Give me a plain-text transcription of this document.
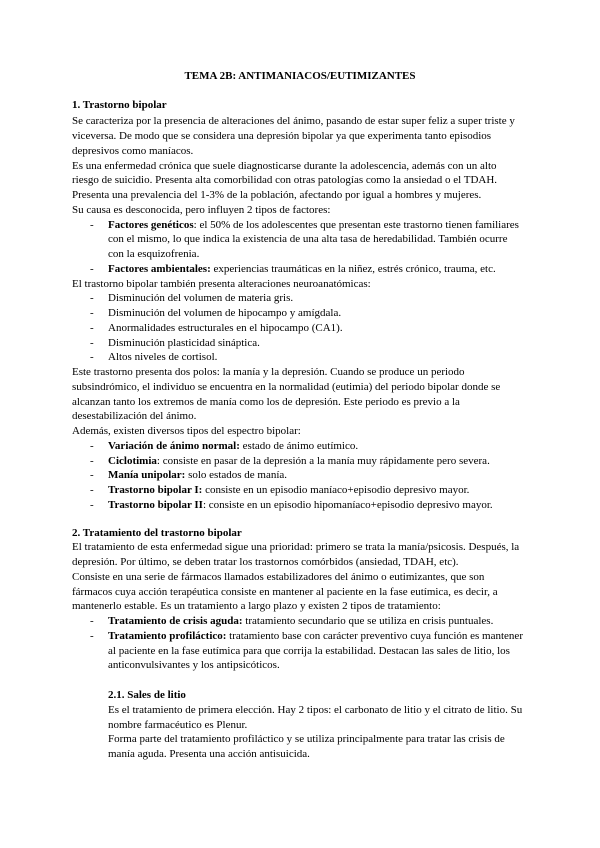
TEMA 2B: ANTIMANIACOS/EUTIMIZANTES
1. Trastorno bipolar
Se caracteriza por la presencia de alteraciones del ánimo, pasando de estar super feliz a super triste y
viceversa. De modo que se considera una depresión bipolar ya que experimenta tanto episodios
depresivos como maníacos.
Es una enfermedad crónica que suele diagnosticarse durante la adolescencia, además con un alto
riesgo de suicidio. Presenta alta comorbilidad con otras patologías como la ansiedad o el TDAH.
Presenta una prevalencia del 1-3% de la población, afectando por igual a hombres y mujeres.
Su causa es desconocida, pero influyen 2 tipos de factores:
- Factores genéticos: el 50% de los adolescentes que presentan este trastorno tienen familiares
con el mismo, lo que indica la existencia de una alta tasa de heredabilidad. También ocurre
con la esquizofrenia.
- Factores ambientales: experiencias traumáticas en la niñez, estrés crónico, trauma, etc.
El trastorno bipolar también presenta alteraciones neuroanatómicas:
- Disminución del volumen de materia gris.
- Disminución del volumen de hipocampo y amígdala.
- Anormalidades estructurales en el hipocampo (CA1).
- Disminución plasticidad sináptica.
- Altos niveles de cortisol.
Este trastorno presenta dos polos: la manía y la depresión. Cuando se produce un periodo
subsindrómico, el individuo se encuentra en la normalidad (eutimia) del periodo bipolar donde se
alcanzan tanto los extremos de manía como los de depresión. Este periodo es previo a la
desestabilización del ánimo.
Además, existen diversos tipos del espectro bipolar:
- Variación de ánimo normal: estado de ánimo eutímico.
- Ciclotimia: consiste en pasar de la depresión a la manía muy rápidamente pero severa.
- Manía unipolar: solo estados de manía.
- Trastorno bipolar I: consiste en un episodio maníaco+episodio depresivo mayor.
- Trastorno bipolar II: consiste en un episodio hipomaníaco+episodio depresivo mayor.
2. Tratamiento del trastorno bipolar
El tratamiento de esta enfermedad sigue una prioridad: primero se trata la manía/psicosis. Después, la
depresión. Por último, se deben tratar los trastornos comórbidos (ansiedad, TDAH, etc).
Consiste en una serie de fármacos llamados estabilizadores del ánimo o eutimizantes, que son
fármacos cuya acción terapéutica consiste en mantener al paciente en la fase eutímica, es decir, a
mantenerlo estable. Es un tratamiento a largo plazo y existen 2 tipos de tratamiento:
- Tratamiento de crisis aguda: tratamiento secundario que se utiliza en crisis puntuales.
- Tratamiento profiláctico: tratamiento base con carácter preventivo cuya función es mantener
al paciente en la fase eutímica para que corrija la estabilidad. Destacan las sales de litio, los
anticonvulsivantes y los antipsicóticos.
2.1. Sales de litio
Es el tratamiento de primera elección. Hay 2 tipos: el carbonato de litio y el citrato de litio. Su
nombre farmacéutico es Plenur.
Forma parte del tratamiento profiláctico y se utiliza principalmente para tratar las crisis de
manía aguda. Presenta una acción antisuicida.
